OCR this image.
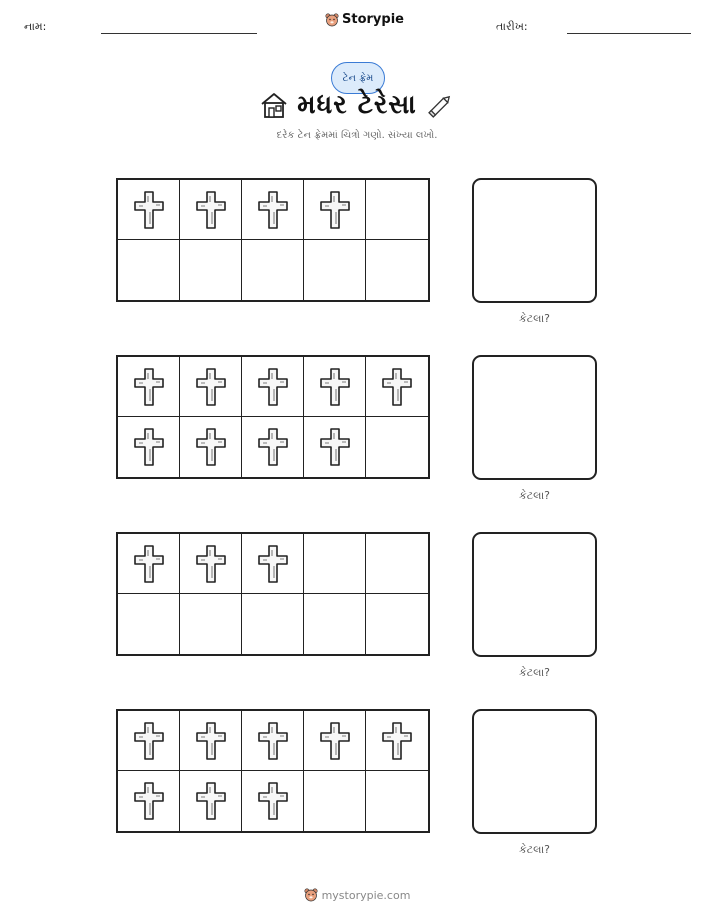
નામ:	Storypie	તારીખ:
ટેન ફ્રેમ
મધર ટેરેસા
દરેક ટેન ફ્રેમમાં ચિત્રો ગણો. સંખ્યા લખો.
કેટલા?
કેટલા?
કેટલા?
કેટલા?
mystorypie.com
